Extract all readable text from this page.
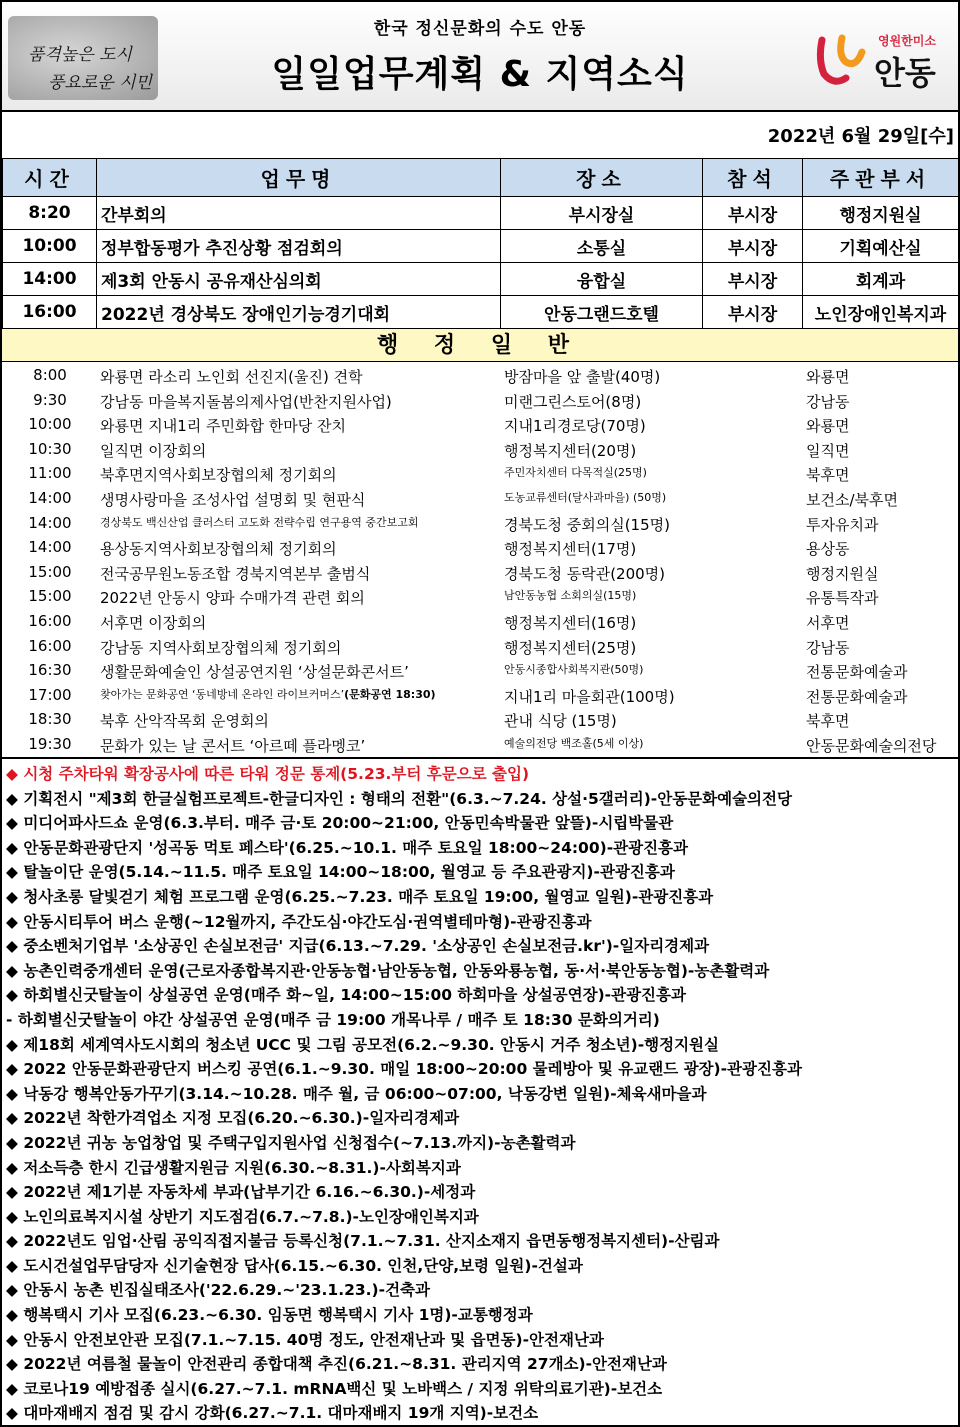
품격높은 도시
풍요로운 시민
한국 정신문화의 수도 안동
일일업무계획 & 지역소식
영원한미소
안동
2022년 6월 29일[수]
시간	업무명	장소	참석	주관부서
8:20	간부회의	부시장실	부시장	행정지원실
10:00	정부합동평가 추진상황 점검회의	소통실	부시장	기획예산실
14:00	제3회 안동시 공유재산심의회	융합실	부시장	회계과
16:00	2022년 경상북도 장애인기능경기대회	안동그랜드호텔	부시장	노인장애인복지과
행 정 일 반
8:00	와룡면 라소리 노인회 선진지(울진) 견학	방잠마을 앞 출발(40명)	와룡면
9:30	강남동 마을복지돌봄의제사업(반찬지원사업)	미랜그린스토어(8명)	강남동
10:00	와룡면 지내1리 주민화합 한마당 잔치	지내1리경로당(70명)	와룡면
10:30	일직면 이장회의	행정복지센터(20명)	일직면
11:00	북후면지역사회보장협의체 정기회의	주민자치센터 다목적실(25명)	북후면
14:00	생명사랑마을 조성사업 설명회 및 현판식	도농교류센터(달사과마을) (50명)	보건소/북후면
14:00	경상북도 백신산업 클러스터 고도화 전략수립 연구용역 중간보고회	경북도청 중회의실(15명)	투자유치과
14:00	용상동지역사회보장협의체 정기회의	행정복지센터(17명)	용상동
15:00	전국공무원노동조합 경북지역본부 출범식	경북도청 동락관(200명)	행정지원실
15:00	2022년 안동시 양파 수매가격 관련 회의	남안동농협 소회의실(15명)	유통특작과
16:00	서후면 이장회의	행정복지센터(16명)	서후면
16:00	강남동 지역사회보장협의체 정기회의	행정복지센터(25명)	강남동
16:30	생활문화예술인 상설공연지원 ‘상설문화콘서트’	안동시종합사회복지관(50명)	전통문화예술과
17:00	찾아가는 문화공연 ‘동네방네 온라인 라이브커머스’(문화공연 18:30)	지내1리 마을회관(100명)	전통문화예술과
18:30	북후 산악작목회 운영회의	관내 식당 (15명)	북후면
19:30	문화가 있는 날 콘서트 ‘아르떼 플라멩코’	예술의전당 백조홀(5세 이상)	안동문화예술의전당
◆ 시청 주차타워 확장공사에 따른 타워 정문 통제(5.23.부터 후문으로 출입)
◆ 기획전시 "제3회 한글실험프로젝트-한글디자인 : 형태의 전환"(6.3.~7.24. 상설·5갤러리)-안동문화예술의전당
◆ 미디어파사드쇼 운영(6.3.부터. 매주 금·토 20:00~21:00, 안동민속박물관 앞뜰)-시립박물관
◆ 안동문화관광단지 '성곡동 먹토 페스타'(6.25.~10.1. 매주 토요일 18:00~24:00)-관광진흥과
◆ 탈놀이단 운영(5.14.~11.5. 매주 토요일 14:00~18:00, 월영교 등 주요관광지)-관광진흥과
◆ 청사초롱 달빛걷기 체험 프로그램 운영(6.25.~7.23. 매주 토요일 19:00, 월영교 일원)-관광진흥과
◆ 안동시티투어 버스 운행(~12월까지, 주간도심·야간도심·권역별테마형)-관광진흥과
◆ 중소벤처기업부 '소상공인 손실보전금' 지급(6.13.~7.29. '소상공인 손실보전금.kr')-일자리경제과
◆ 농촌인력중개센터 운영(근로자종합복지관·안동농협·남안동농협, 안동와룡농협, 동·서·북안동농협)-농촌활력과
◆ 하회별신굿탈놀이 상설공연 운영(매주 화~일, 14:00~15:00 하회마을 상설공연장)-관광진흥과
- 하회별신굿탈놀이 야간 상설공연 운영(매주 금 19:00 개목나루 / 매주 토 18:30 문화의거리)
◆ 제18회 세계역사도시회의 청소년 UCC 및 그림 공모전(6.2.~9.30. 안동시 거주 청소년)-행정지원실
◆ 2022 안동문화관광단지 버스킹 공연(6.1.~9.30. 매일 18:00~20:00 물레방아 및 유교랜드 광장)-관광진흥과
◆ 낙동강 행복안동가꾸기(3.14.~10.28. 매주 월, 금 06:00~07:00, 낙동강변 일원)-체육새마을과
◆ 2022년 착한가격업소 지정 모집(6.20.~6.30.)-일자리경제과
◆ 2022년 귀농 농업창업 및 주택구입지원사업 신청접수(~7.13.까지)-농촌활력과
◆ 저소득층 한시 긴급생활지원금 지원(6.30.~8.31.)-사회복지과
◆ 2022년 제1기분 자동차세 부과(납부기간 6.16.~6.30.)-세정과
◆ 노인의료복지시설 상반기 지도점검(6.7.~7.8.)-노인장애인복지과
◆ 2022년도 임업·산림 공익직접지불금 등록신청(7.1.~7.31. 산지소재지 읍면동행정복지센터)-산림과
◆ 도시건설업무담당자 신기술현장 답사(6.15.~6.30. 인천,단양,보령 일원)-건설과
◆ 안동시 농촌 빈집실태조사('22.6.29.~'23.1.23.)-건축과
◆ 행복택시 기사 모집(6.23.~6.30. 임동면 행복택시 기사 1명)-교통행정과
◆ 안동시 안전보안관 모집(7.1.~7.15. 40명 정도, 안전재난과 및 읍면동)-안전재난과
◆ 2022년 여름철 물놀이 안전관리 종합대책 추진(6.21.~8.31. 관리지역 27개소)-안전재난과
◆ 코로나19 예방접종 실시(6.27.~7.1. mRNA백신 및 노바백스 / 지정 위탁의료기관)-보건소
◆ 대마재배지 점검 및 감시 강화(6.27.~7.1. 대마재배지 19개 지역)-보건소
